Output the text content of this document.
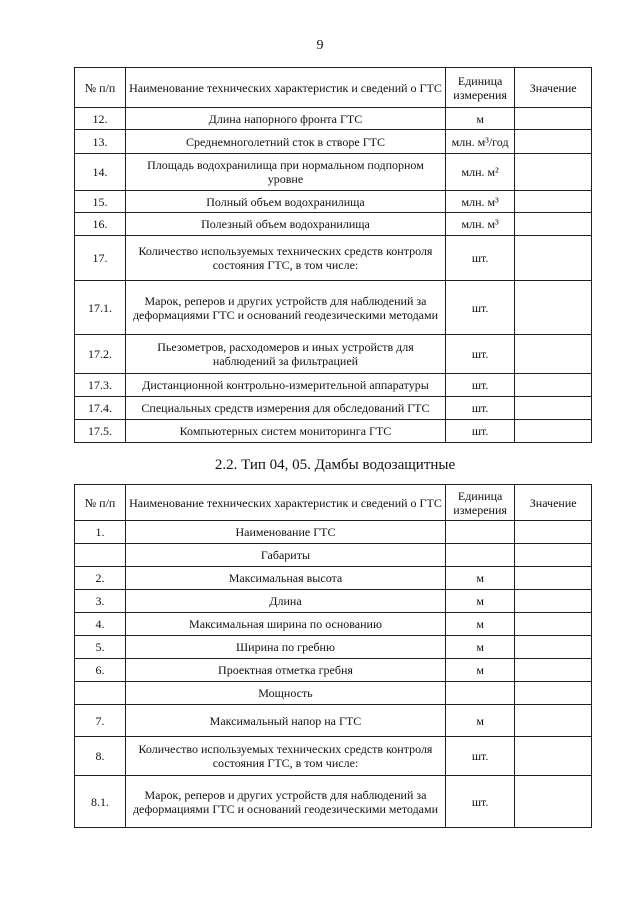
9
№ п/п	Наименование технических характеристик и сведений о ГТС	Единица измерения	Значение
12.	Длина напорного фронта ГТС	м	
13.	Среднемноголетний сток в створе ГТС	млн. м³/год	
14.	Площадь водохранилища при нормальном подпорном уровне	млн. м²	
15.	Полный объем водохранилища	млн. м³	
16.	Полезный объем водохранилища	млн. м³	
17.	Количество используемых технических средств контроля состояния ГТС, в том числе:	шт.	
17.1.	Марок, реперов и других устройств для наблюдений за деформациями ГТС и оснований геодезическими методами	шт.	
17.2.	Пьезометров, расходомеров и иных устройств для наблюдений за фильтрацией	шт.	
17.3.	Дистанционной контрольно-измерительной аппаратуры	шт.	
17.4.	Специальных средств измерения для обследований ГТС	шт.	
17.5.	Компьютерных систем мониторинга ГТС	шт.	
2.2. Тип 04, 05. Дамбы водозащитные
№ п/п	Наименование технических характеристик и сведений о ГТС	Единица измерения	Значение
1.	Наименование ГТС		
	Габариты		
2.	Максимальная высота	м	
3.	Длина	м	
4.	Максимальная ширина по основанию	м	
5.	Ширина по гребню	м	
6.	Проектная отметка гребня	м	
	Мощность		
7.	Максимальный напор на ГТС	м	
8.	Количество используемых технических средств контроля состояния ГТС, в том числе:	шт.	
8.1.	Марок, реперов и других устройств для наблюдений за деформациями ГТС и оснований геодезическими методами	шт.	
